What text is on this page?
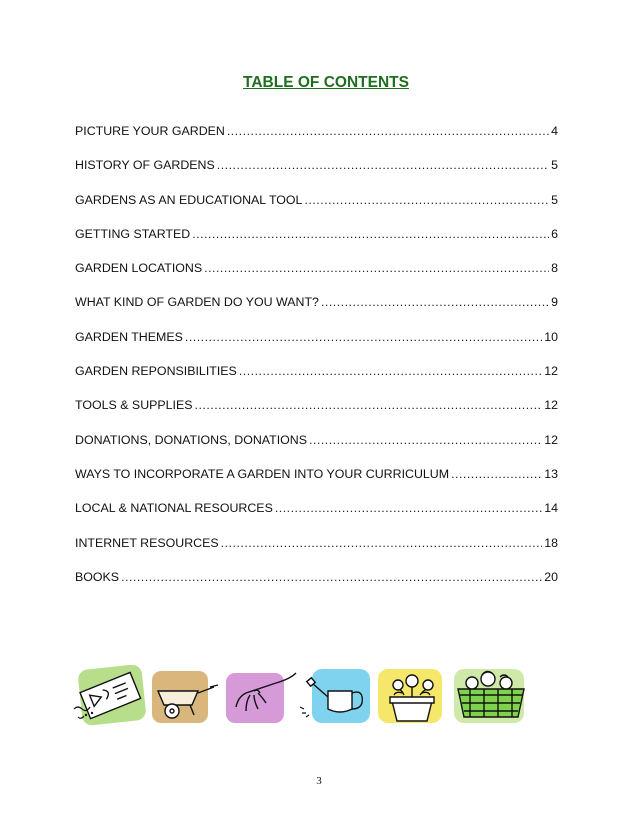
TABLE OF CONTENTS
PICTURE YOUR GARDEN .....	4
HISTORY OF GARDENS .....	5
GARDENS AS AN EDUCATIONAL TOOL .....	5
GETTING STARTED .....	6
GARDEN LOCATIONS .....	8
WHAT KIND OF GARDEN DO YOU WANT? .....	9
GARDEN THEMES .....	10
GARDEN REPONSIBILITIES .....	12
TOOLS & SUPPLIES .....	12
DONATIONS, DONATIONS, DONATIONS .....	12
WAYS TO INCORPORATE A GARDEN INTO YOUR CURRICULUM .....	13
LOCAL & NATIONAL RESOURCES .....	14
INTERNET RESOURCES .....	18
BOOKS .....	20
3
